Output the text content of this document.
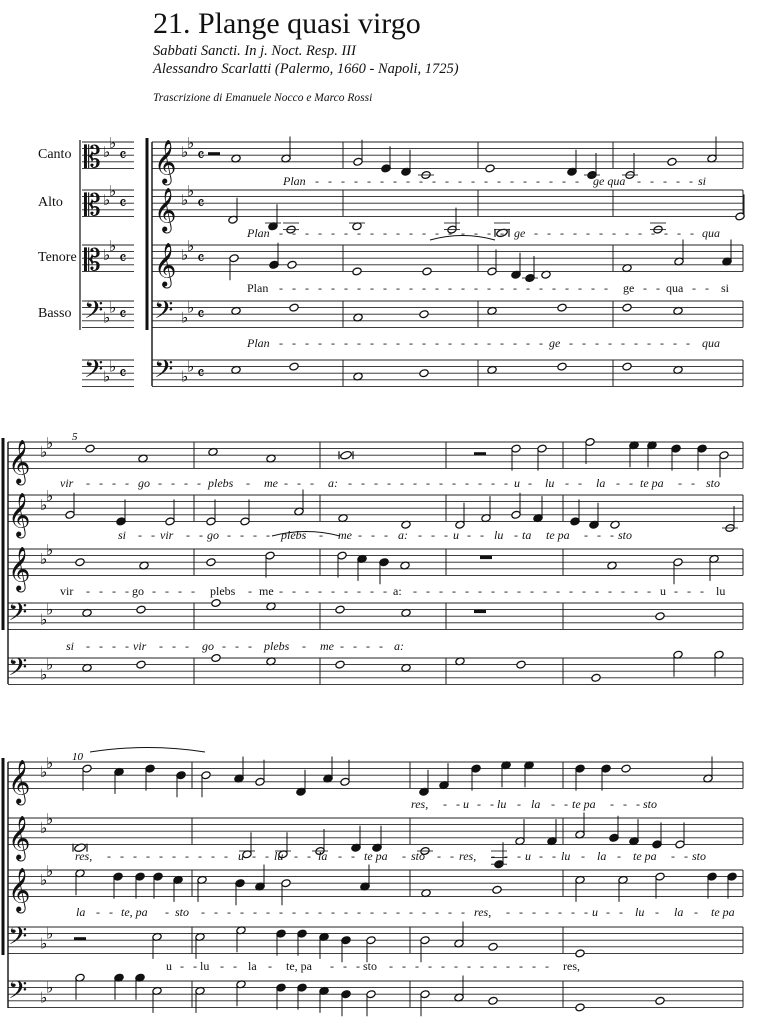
21. Plange quasi virgo
Sabbati Sancti. In j. Noct. Resp. III
Alessandro Scarlatti (Palermo, 1660 - Napoli, 1725)
Trascrizione di Emanuele Nocco e Marco Rossi
𝄞 ♭
♭
𝄴
𝄞 ♭
♭
𝄴
𝄞 ♭
♭
𝄴
𝄢 ♭
♭ 𝄴
𝄢 ♭
♭ 𝄴
𝄡 ♭
♭
𝄴
𝄡 ♭
♭
𝄴
𝄡 ♭
♭
𝄴
𝄢 ♭
♭ 𝄴
𝄢 ♭
♭ 𝄴
𝄞 ♭
♭
𝄞 ♭
♭
𝄞 ♭
♭
𝄢 ♭
♭
𝄢 ♭
♭
𝄞 ♭
♭
𝄞 ♭
♭
𝄞 ♭
♭
𝄢 ♭
♭
𝄢 ♭
♭
Canto
Alto
Tenore
Basso
Plan	ge qua	si
- - - - - - - - - - - - - - - - - - - - -	- - - - -
Plan	ge	qua
- - - - - - - - - - - - - - - - - -	- - - - - - - - - - - - -
Plan	ge	qua	si
- - - - - - - - - - - - - - - - - - - - - - - - - -	- -	- -
Plan	ge	qua
- - - - - - - - - - - - - - - - - - - - - - - - - - - - - - -
5
vir	go	plebs	me	a:	u lu	la	te pa	sto
- - - - - - - -	-	- - -	- - - - - - - - - - - - - -	- -	- -	- -
si	vir	go	plebs	me	a:	u	lu ta te pa	sto
- -	- - - - - -	-	- - -	- - - - -	-	- - -
vir	go	plebs me	a:	u	lu
- - - - - - - -	- - - - - - - - - - - - - - - - - - - - - - - - - - - - - - - -
si	vir	go	plebs	me	a:
- - - -	- - -	- - -	-	- - - -
10
res,	u lu la	te pa	sto
- - - - -	- -	- - -
res,	u	lu	la	te pa sto	res,	u	lu la te pa	sto
- - - - - - - - - - - - - - - -	-	- -	- - - - - -	-	- -
la	te, pa sto	res,	u	lu la te pa
- -	-	- - - - - - - - - - - - - - - - - - - - -	- - - - - - - - -	-	-
u lu	la te, pa	sto	res,
- - - -	-	- - - - - - - - - - - - - - - -
